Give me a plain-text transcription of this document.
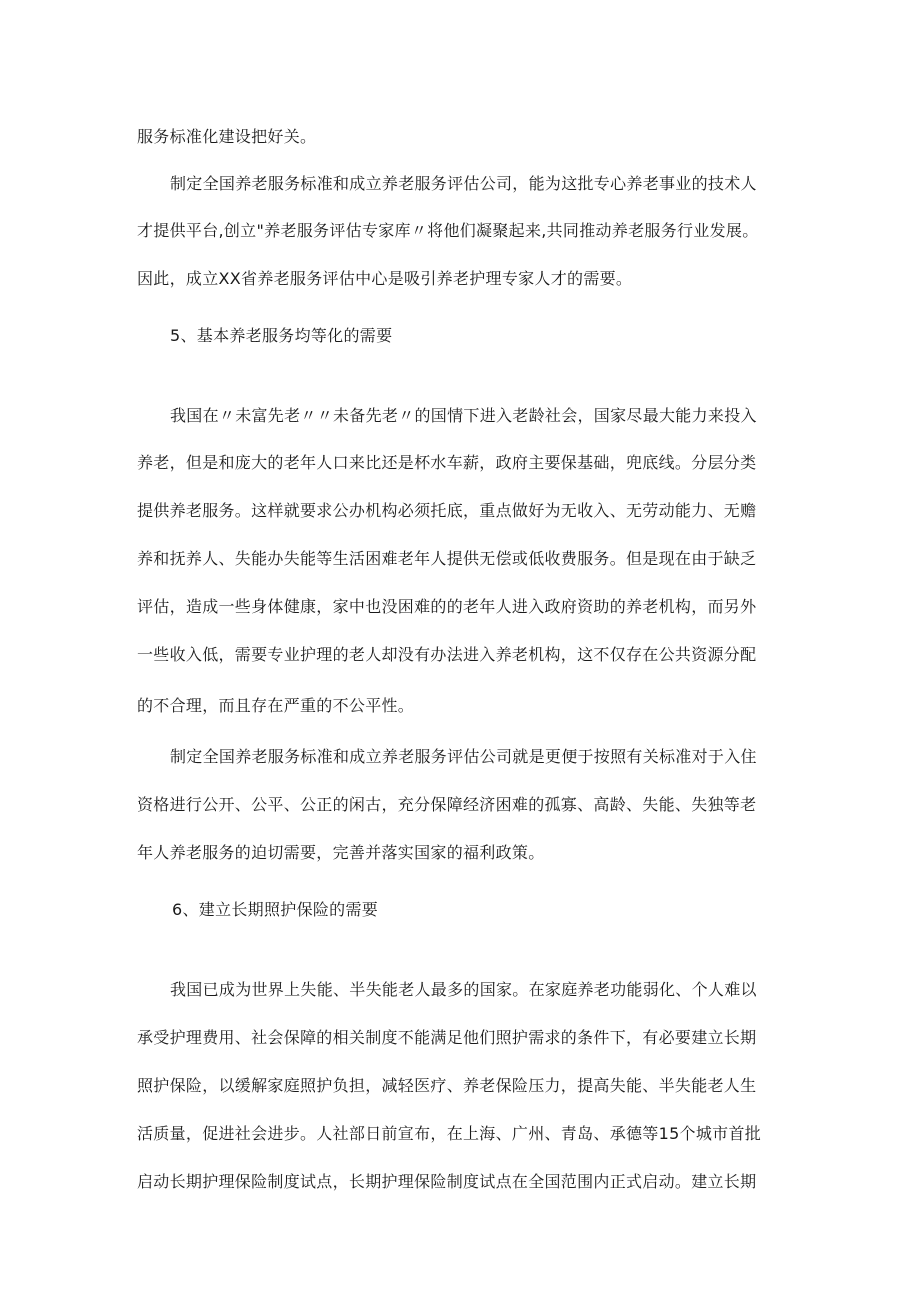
服务标准化建设把好关。
制定全国养老服务标准和成立养老服务评估公司，能为这批专心养老事业的技术人
才提供平台,创立"养老服务评估专家库〃将他们凝聚起来,共同推动养老服务行业发展。
因此，成立XX省养老服务评估中心是吸引养老护理专家人才的需要。
5、基本养老服务均等化的需要
我国在〃未富先老〃〃未备先老〃的国情下进入老龄社会，国家尽最大能力来投入
养老，但是和庞大的老年人口来比还是杯水车薪，政府主要保基础，兜底线。分层分类
提供养老服务。这样就要求公办机构必须托底，重点做好为无收入、无劳动能力、无赡
养和抚养人、失能办失能等生活困难老年人提供无偿或低收费服务。但是现在由于缺乏
评估，造成一些身体健康，家中也没困难的的老年人进入政府资助的养老机构，而另外
一些收入低，需要专业护理的老人却没有办法进入养老机构，这不仅存在公共资源分配
的不合理，而且存在严重的不公平性。
制定全国养老服务标准和成立养老服务评估公司就是更便于按照有关标准对于入住
资格进行公开、公平、公正的闲古，充分保障经济困难的孤寡、高龄、失能、失独等老
年人养老服务的迫切需要，完善并落实国家的福利政策。
6、建立长期照护保险的需要
我国已成为世界上失能、半失能老人最多的国家。在家庭养老功能弱化、个人难以
承受护理费用、社会保障的相关制度不能满足他们照护需求的条件下，有必要建立长期
照护保险，以缓解家庭照护负担，减轻医疗、养老保险压力，提高失能、半失能老人生
活质量，促进社会进步。人社部日前宣布，在上海、广州、青岛、承德等15个城市首批
启动长期护理保险制度试点，长期护理保险制度试点在全国范围内正式启动。建立长期
